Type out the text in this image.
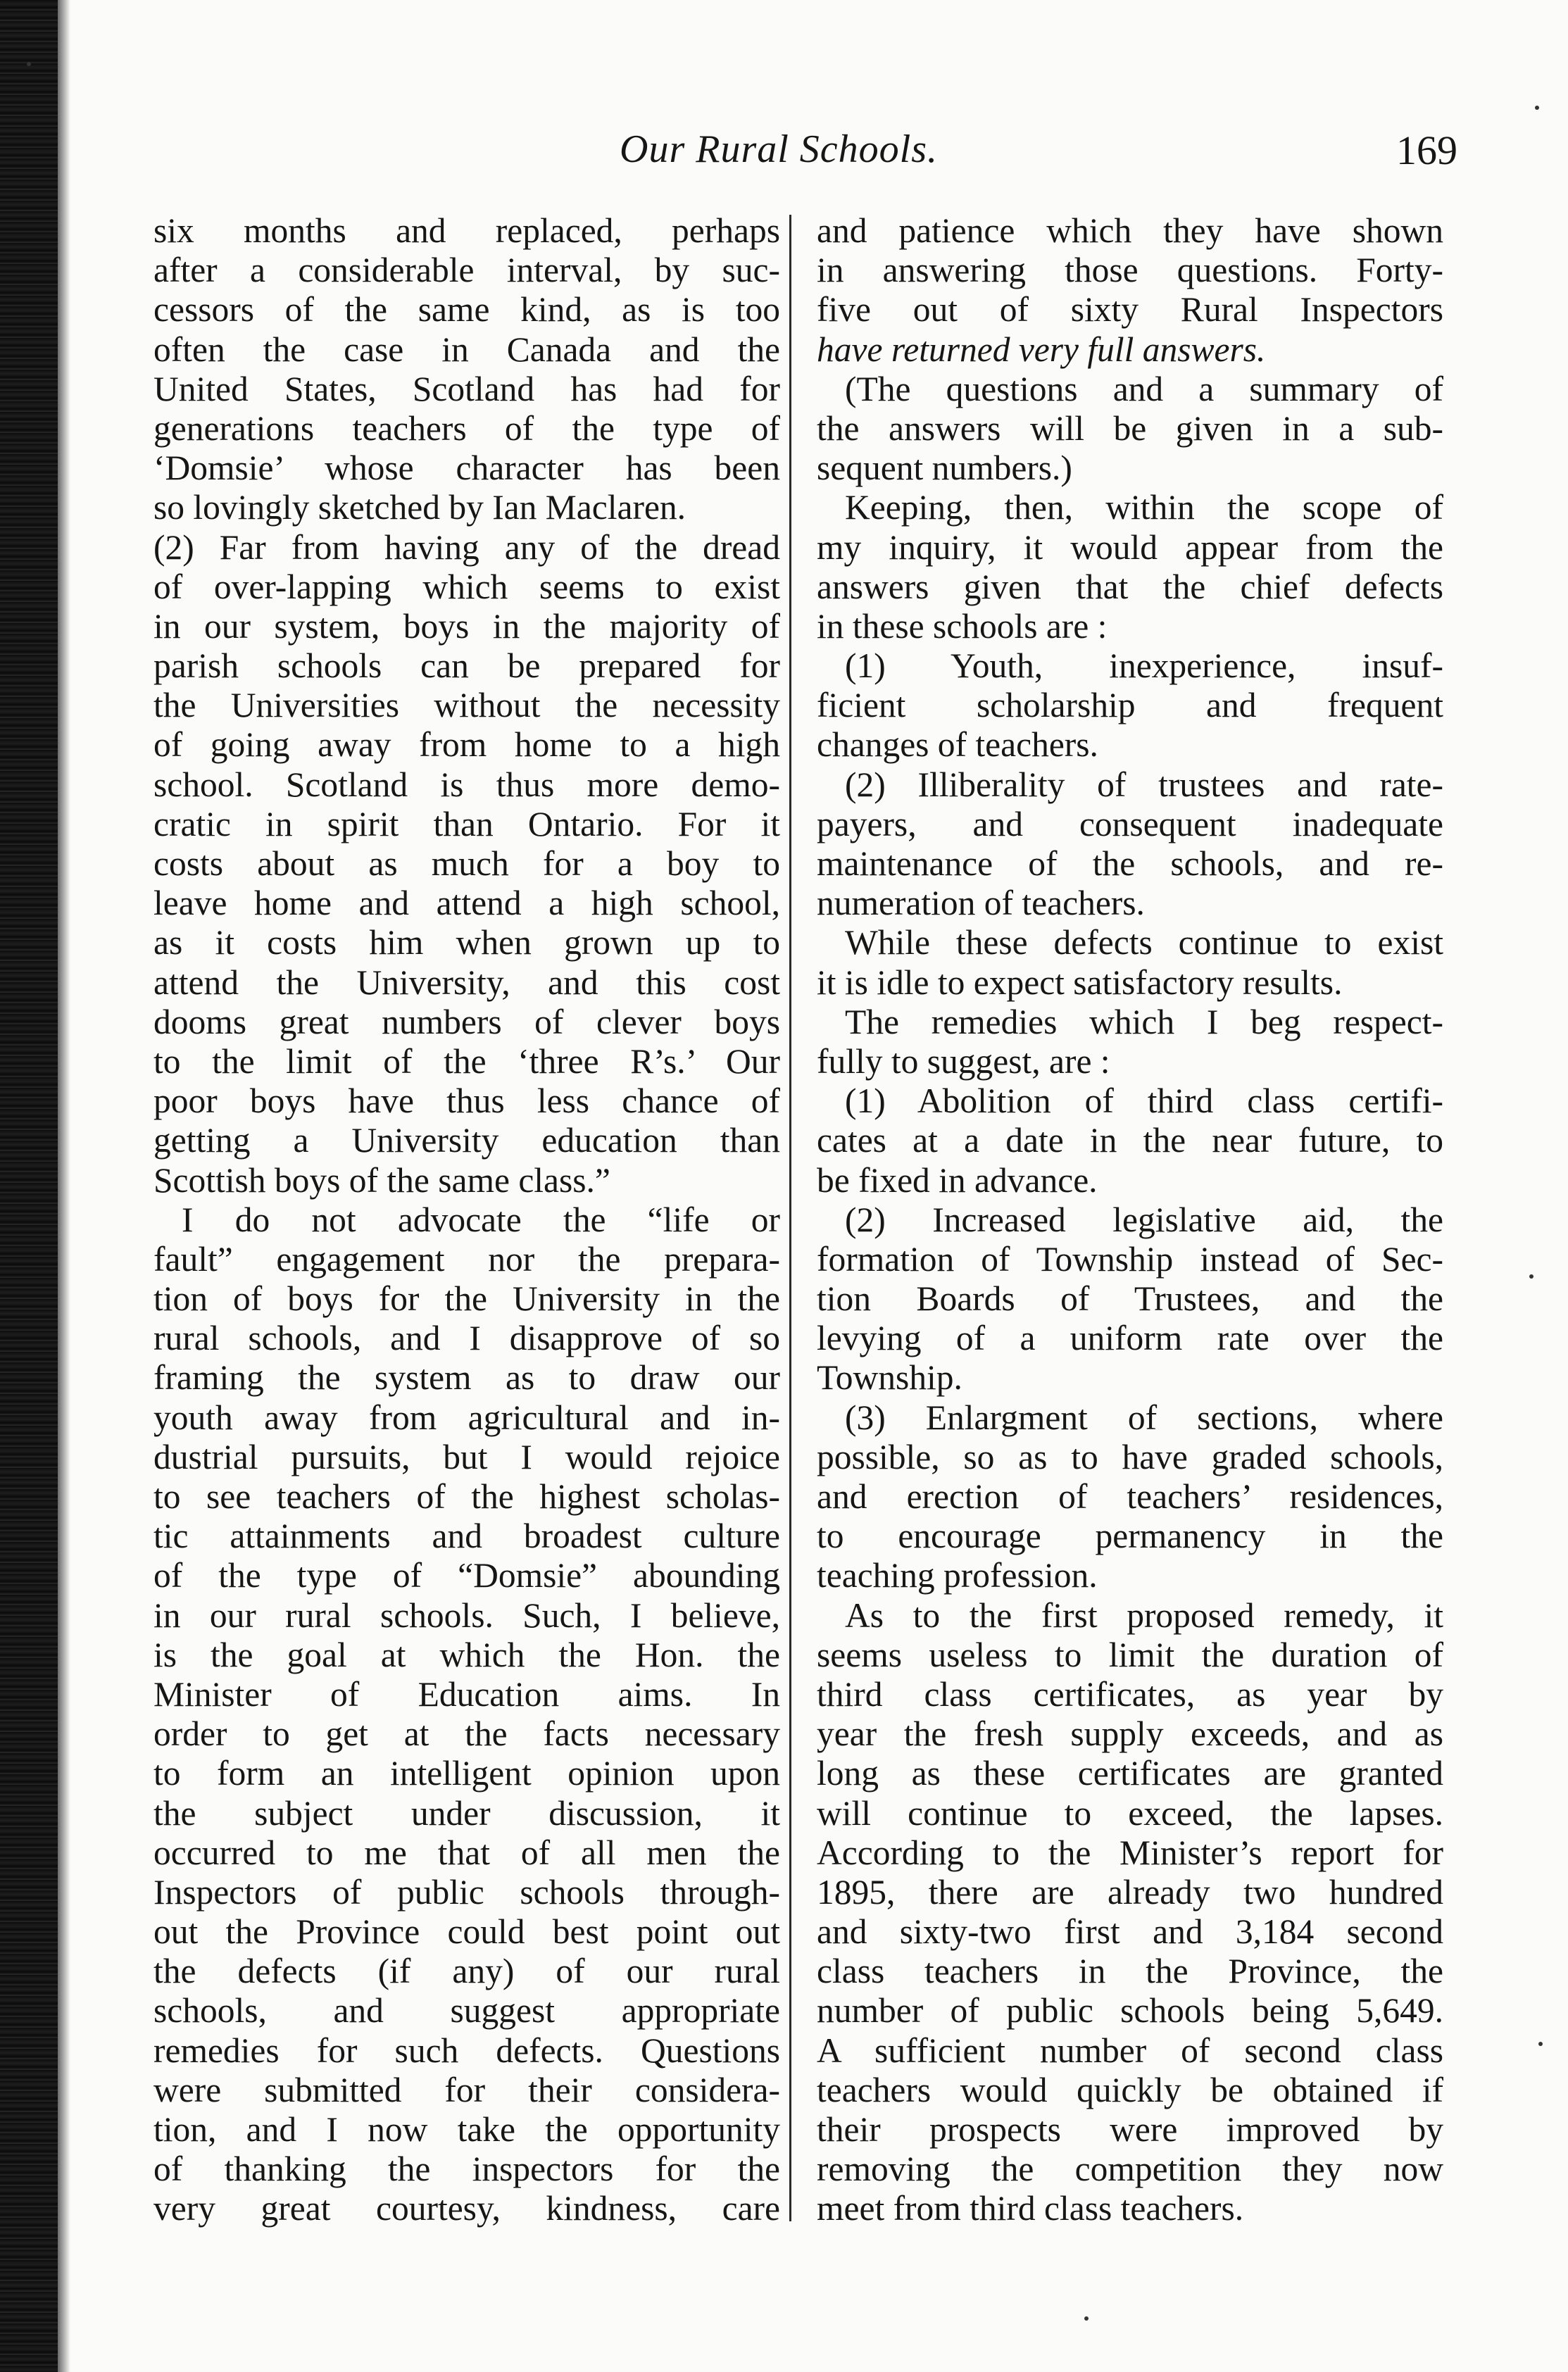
Our Rural Schools.	169
six months and replaced, perhaps
after a considerable interval, by suc-
cessors of the same kind, as is too
often the case in Canada and the
United States, Scotland has had for
generations teachers of the type of
‘Domsie’ whose character has been
so lovingly sketched by Ian Maclaren.
(2) Far from having any of the dread
of over-lapping which seems to exist
in our system, boys in the majority of
parish schools can be prepared for
the Universities without the necessity
of going away from home to a high
school. Scotland is thus more demo-
cratic in spirit than Ontario. For it
costs about as much for a boy to
leave home and attend a high school,
as it costs him when grown up to
attend the University, and this cost
dooms great numbers of clever boys
to the limit of the ‘three R’s.’ Our
poor boys have thus less chance of
getting a University education than
Scottish boys of the same class.”
I do not advocate the “life or
fault” engagement nor the prepara-
tion of boys for the University in the
rural schools, and I disapprove of so
framing the system as to draw our
youth away from agricultural and in-
dustrial pursuits, but I would rejoice
to see teachers of the highest scholas-
tic attainments and broadest culture
of the type of “Domsie” abounding
in our rural schools. Such, I believe,
is the goal at which the Hon. the
Minister of Education aims. In
order to get at the facts necessary
to form an intelligent opinion upon
the subject under discussion, it
occurred to me that of all men the
Inspectors of public schools through-
out the Province could best point out
the defects (if any) of our rural
schools, and suggest appropriate
remedies for such defects. Questions
were submitted for their considera-
tion, and I now take the opportunity
of thanking the inspectors for the
very great courtesy, kindness, care
and patience which they have shown
in answering those questions. Forty-
five out of sixty Rural Inspectors
have returned very full answers.
(The questions and a summary of
the answers will be given in a sub-
sequent numbers.)
Keeping, then, within the scope of
my inquiry, it would appear from the
answers given that the chief defects
in these schools are :
(1) Youth, inexperience, insuf-
ficient scholarship and frequent
changes of teachers.
(2) Illiberality of trustees and rate-
payers, and consequent inadequate
maintenance of the schools, and re-
numeration of teachers.
While these defects continue to exist
it is idle to expect satisfactory results.
The remedies which I beg respect-
fully to suggest, are :
(1) Abolition of third class certifi-
cates at a date in the near future, to
be fixed in advance.
(2) Increased legislative aid, the
formation of Township instead of Sec-
tion Boards of Trustees, and the
levying of a uniform rate over the
Township.
(3) Enlargment of sections, where
possible, so as to have graded schools,
and erection of teachers’ residences,
to encourage permanency in the
teaching profession.
As to the first proposed remedy, it
seems useless to limit the duration of
third class certificates, as year by
year the fresh supply exceeds, and as
long as these certificates are granted
will continue to exceed, the lapses.
According to the Minister’s report for
1895, there are already two hundred
and sixty-two first and 3,184 second
class teachers in the Province, the
number of public schools being 5,649.
A sufficient number of second class
teachers would quickly be obtained if
their prospects were improved by
removing the competition they now
meet from third class teachers.
